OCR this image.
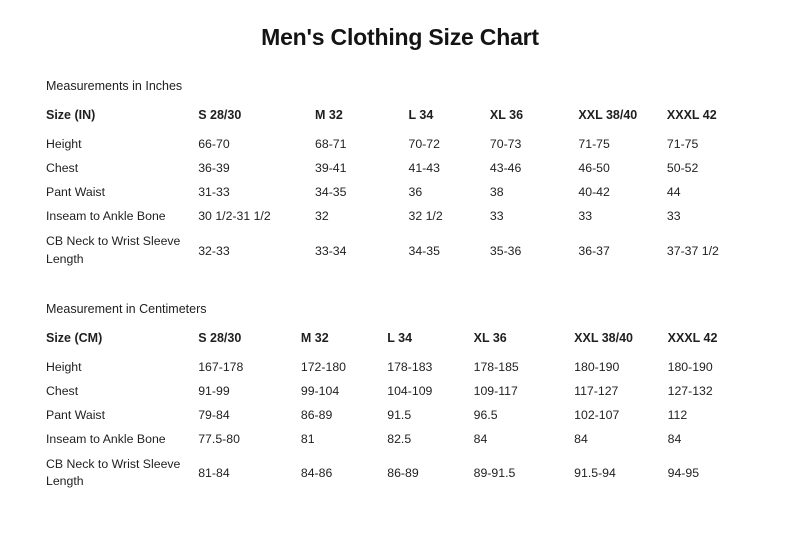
Men's Clothing Size Chart
Measurements in Inches
Size (IN)	S 28/30	M 32	L 34	XL 36	XXL 38/40	XXXL 42
Height	66-70	68-71	70-72	70-73	71-75	71-75
Chest	36-39	39-41	41-43	43-46	46-50	50-52
Pant Waist	31-33	34-35	36	38	40-42	44
Inseam to Ankle Bone	30 1/2-31 1/2	32	32 1/2	33	33	33
CB Neck to Wrist Sleeve Length	32-33	33-34	34-35	35-36	36-37	37-37 1/2
Measurement in Centimeters
Size (CM)	S 28/30	M 32	L 34	XL 36	XXL 38/40	XXXL 42
Height	167-178	172-180	178-183	178-185	180-190	180-190
Chest	91-99	99-104	104-109	109-117	117-127	127-132
Pant Waist	79-84	86-89	91.5	96.5	102-107	112
Inseam to Ankle Bone	77.5-80	81	82.5	84	84	84
CB Neck to Wrist Sleeve Length	81-84	84-86	86-89	89-91.5	91.5-94	94-95
